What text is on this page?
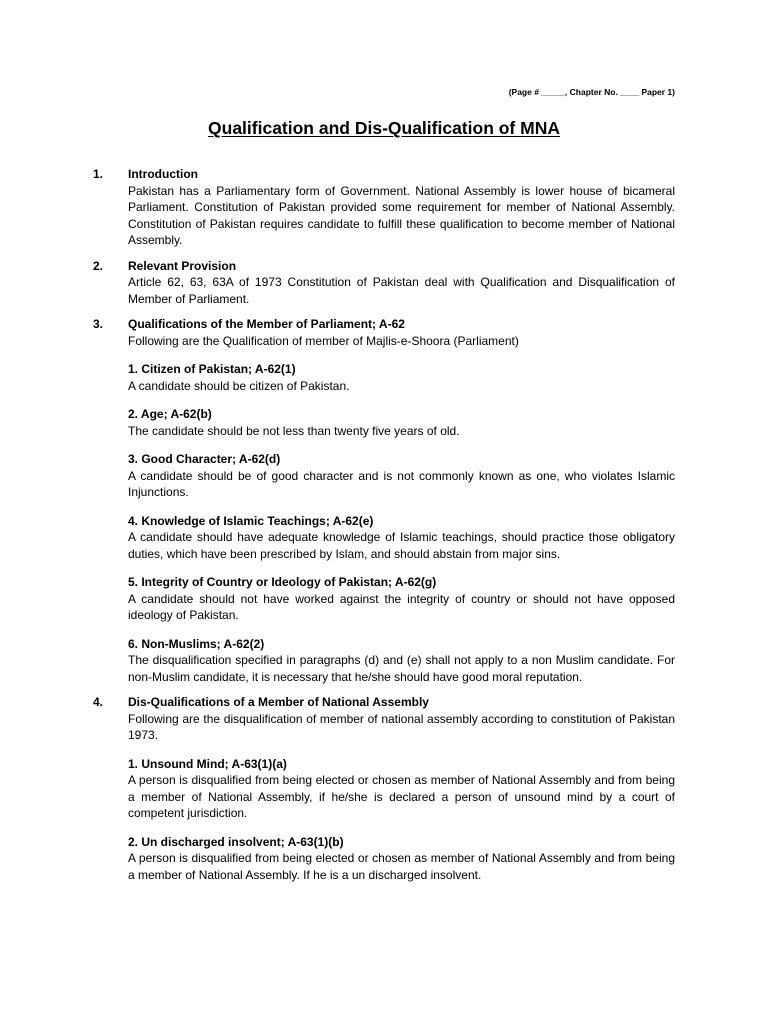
(Page # _____, Chapter No. ____ Paper 1)
Qualification and Dis-Qualification of MNA
1.	Introduction

Pakistan has a Parliamentary form of Government. National Assembly is lower house of bicameral Parliament. Constitution of Pakistan provided some requirement for member of National Assembly. Constitution of Pakistan requires candidate to fulfill these qualification to become member of National Assembly.

2.	Relevant Provision

Article 62, 63, 63A of 1973 Constitution of Pakistan deal with Qualification and Disqualification of Member of Parliament.

3.	Qualifications of the Member of Parliament; A-62

Following are the Qualification of member of Majlis-e-Shoora (Parliament)

1. Citizen of Pakistan; A-62(1)

A candidate should be citizen of Pakistan.

2. Age; A-62(b)

The candidate should be not less than twenty five years of old.

3. Good Character; A-62(d)

A candidate should be of good character and is not commonly known as one, who violates Islamic Injunctions.

4. Knowledge of Islamic Teachings; A-62(e)

A candidate should have adequate knowledge of Islamic teachings, should practice those obligatory duties, which have been prescribed by Islam, and should abstain from major sins.

5. Integrity of Country or Ideology of Pakistan; A-62(g)

A candidate should not have worked against the integrity of country or should not have opposed ideology of Pakistan.

6. Non-Muslims; A-62(2)

The disqualification specified in paragraphs (d) and (e) shall not apply to a non Muslim candidate. For non-Muslim candidate, it is necessary that he/she should have good moral reputation.

4.	Dis-Qualifications of a Member of National Assembly

Following are the disqualification of member of national assembly according to constitution of Pakistan 1973.

1. Unsound Mind; A-63(1)(a)

A person is disqualified from being elected or chosen as member of National Assembly and from being a member of National Assembly, if he/she is declared a person of unsound mind by a court of competent jurisdiction.

2. Un discharged insolvent; A-63(1)(b)

A person is disqualified from being elected or chosen as member of National Assembly and from being a member of National Assembly. If he is a un discharged insolvent.
